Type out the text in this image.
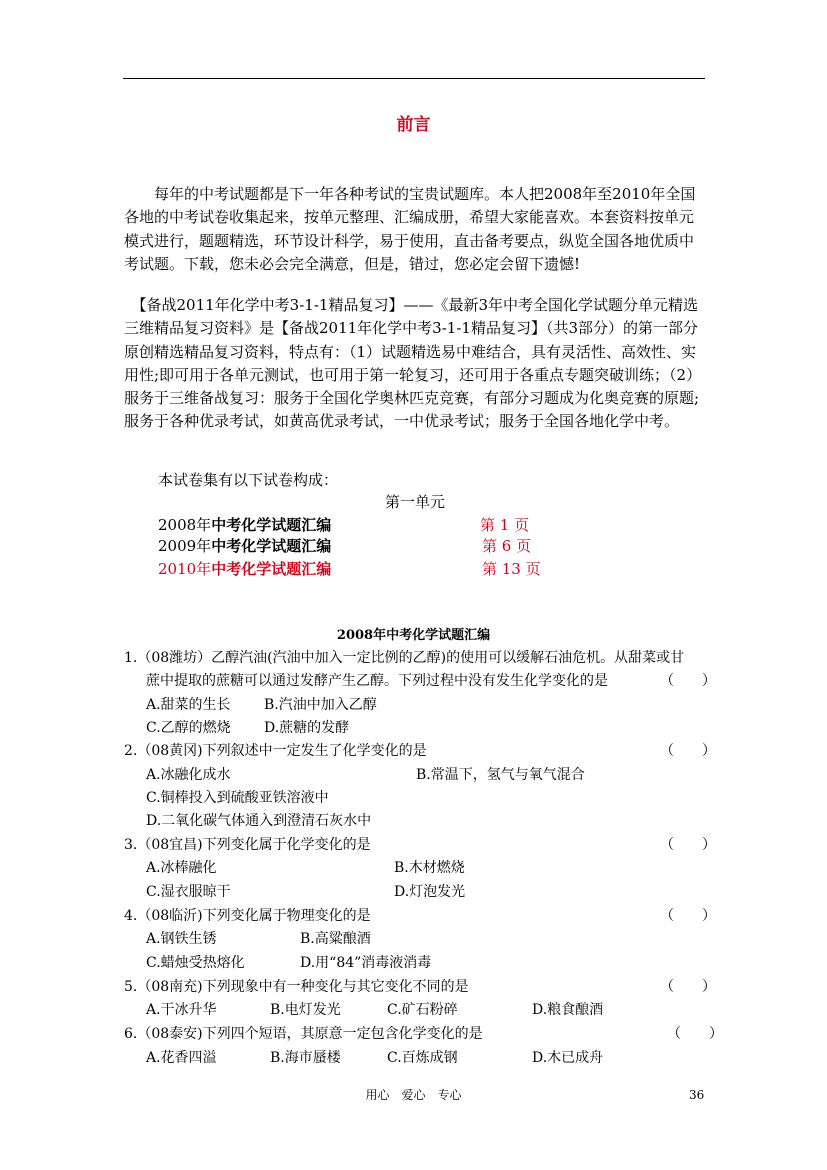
前言

　　每年的中考试题都是下一年各种考试的宝贵试题库。本人把2008年至2010年全国各地的中考试卷收集起来，按单元整理、汇编成册，希望大家能喜欢。本套资料按单元模式进行，题题精选，环节设计科学，易于使用，直击备考要点，纵览全国各地优质中考试题。下载，您未必会完全满意，但是，错过，您必定会留下遗憾!

　【备战2011年化学中考3-1-1精品复习】——《最新3年中考全国化学试题分单元精选三维精品复习资料》是【备战2011年化学中考3-1-1精品复习】（共3部分）的第一部分原创精选精品复习资料，特点有：（1）试题精选易中难结合，具有灵活性、高效性、实用性;即可用于各单元测试，也可用于第一轮复习，还可用于各重点专题突破训练；（2）服务于三维备战复习：服务于全国化学奥林匹克竞赛，有部分习题成为化奥竞赛的原题;服务于各种优录考试，如黄高优录考试，一中优录考试；服务于全国各地化学中考。

本试卷集有以下试卷构成：
第一单元
2008年中考化学试题汇编	第 1 页
2009年中考化学试题汇编	第 6 页
2010年中考化学试题汇编	第 13 页
2008年中考化学试题汇编
1.（08潍坊）乙醇汽油(汽油中加入一定比例的乙醇)的使用可以缓解石油危机。从甜菜或甘
蔗中提取的蔗糖可以通过发酵产生乙醇。下列过程中没有发生化学变化的是	（　　）
A.甜菜的生长 B.汽油中加入乙醇
C.乙醇的燃烧 D.蔗糖的发酵
2.（08黄冈)下列叙述中一定发生了化学变化的是	（　　）
A.冰融化成水	B.常温下，氢气与氧气混合
C.铜棒投入到硫酸亚铁溶液中
D.二氧化碳气体通入到澄清石灰水中
3.（08宜昌)下列变化属于化学变化的是	（　　）
A.冰棒融化	B.木材燃烧
C.湿衣服晾干	D.灯泡发光
4.（08临沂)下列变化属于物理变化的是	（　　）
A.钢铁生锈	B.高粱酿酒
C.蜡烛受热熔化	D.用“84”消毒液消毒
5.（08南充)下列现象中有一种变化与其它变化不同的是	（　　）
A.干冰升华	B.电灯发光	C.矿石粉碎	D.粮食酿酒
6.（08泰安)下列四个短语，其原意一定包含化学变化的是	（　　）
A.花香四溢	B.海市蜃楼	C.百炼成钢	D.木已成舟
用心　爱心　专心	36
